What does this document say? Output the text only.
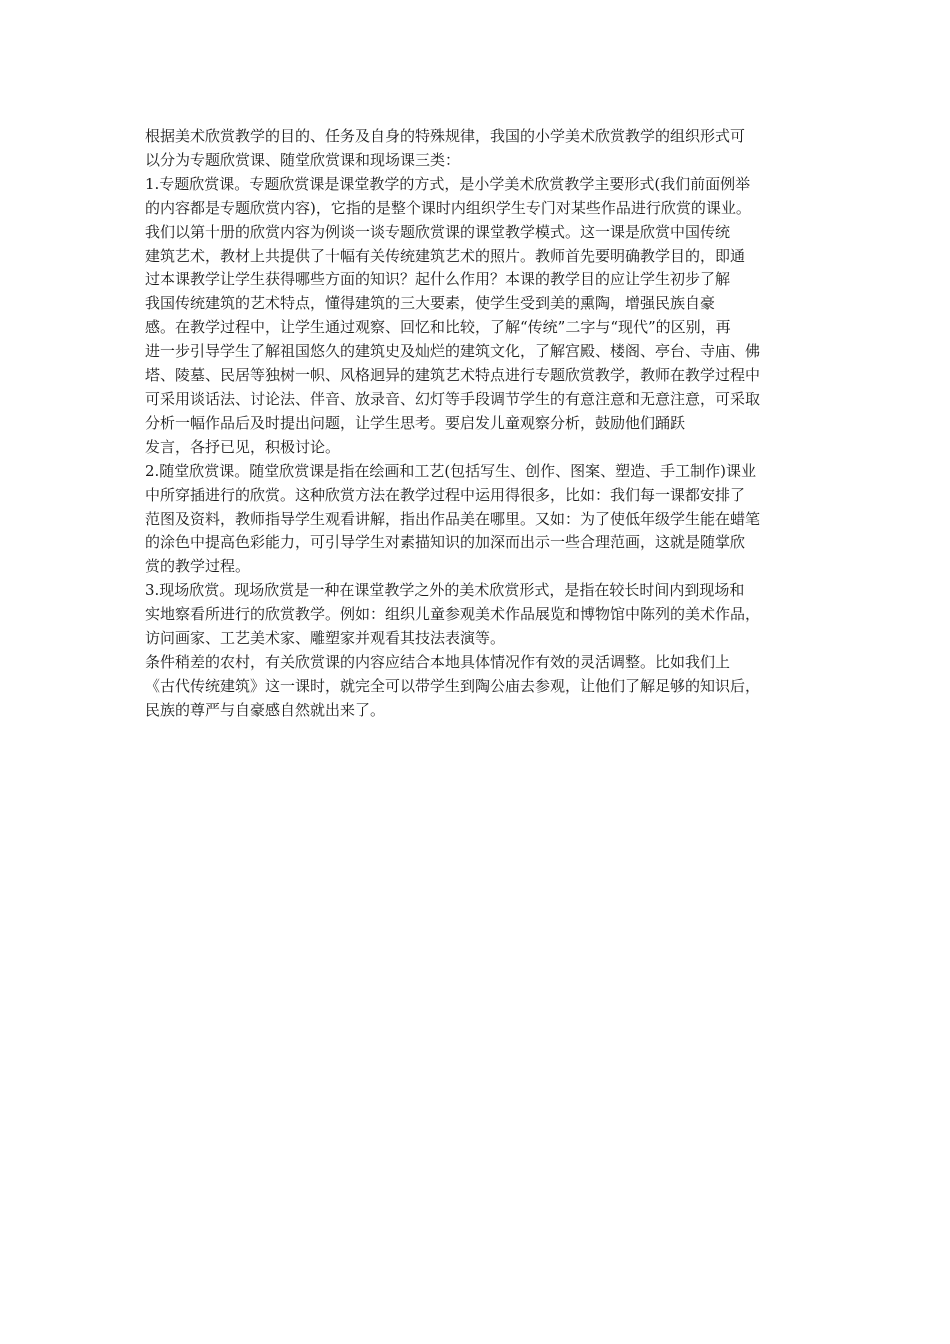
根据美术欣赏教学的目的、任务及自身的特殊规律，我国的小学美术欣赏教学的组织形式可
以分为专题欣赏课、随堂欣赏课和现场课三类：

1.专题欣赏课。专题欣赏课是课堂教学的方式，是小学美术欣赏教学主要形式(我们前面例举
的内容都是专题欣赏内容)，它指的是整个课时内组织学生专门对某些作品进行欣赏的课业。
我们以第十册的欣赏内容为例谈一谈专题欣赏课的课堂教学模式。这一课是欣赏中国传统
建筑艺术，教材上共提供了十幅有关传统建筑艺术的照片。教师首先要明确教学目的，即通
过本课教学让学生获得哪些方面的知识？起什么作用？本课的教学目的应让学生初步了解
我国传统建筑的艺术特点，懂得建筑的三大要素，使学生受到美的熏陶，增强民族自豪
感。在教学过程中，让学生通过观察、回忆和比较，了解“传统”二字与“现代”的区别，再
进一步引导学生了解祖国悠久的建筑史及灿烂的建筑文化，了解宫殿、楼阁、亭台、寺庙、佛
塔、陵墓、民居等独树一帜、风格迥异的建筑艺术特点进行专题欣赏教学，教师在教学过程中
可采用谈话法、讨论法、伴音、放录音、幻灯等手段调节学生的有意注意和无意注意，可采取
分析一幅作品后及时提出问题，让学生思考。要启发儿童观察分析，鼓励他们踊跃
发言，各抒已见，积极讨论。

2.随堂欣赏课。随堂欣赏课是指在绘画和工艺(包括写生、创作、图案、塑造、手工制作)课业
中所穿插进行的欣赏。这种欣赏方法在教学过程中运用得很多，比如：我们每一课都安排了
范图及资料，教师指导学生观看讲解，指出作品美在哪里。又如：为了使低年级学生能在蜡笔
的涂色中提高色彩能力，可引导学生对素描知识的加深而出示一些合理范画，这就是随掌欣
赏的教学过程。

3.现场欣赏。现场欣赏是一种在课堂教学之外的美术欣赏形式，是指在较长时间内到现场和
实地察看所进行的欣赏教学。例如：组织儿童参观美术作品展览和博物馆中陈列的美术作品，
访问画家、工艺美术家、雕塑家并观看其技法表演等。

条件稍差的农村，有关欣赏课的内容应结合本地具体情况作有效的灵活调整。比如我们上
《古代传统建筑》这一课时，就完全可以带学生到陶公庙去参观，让他们了解足够的知识后，
民族的尊严与自豪感自然就出来了。
